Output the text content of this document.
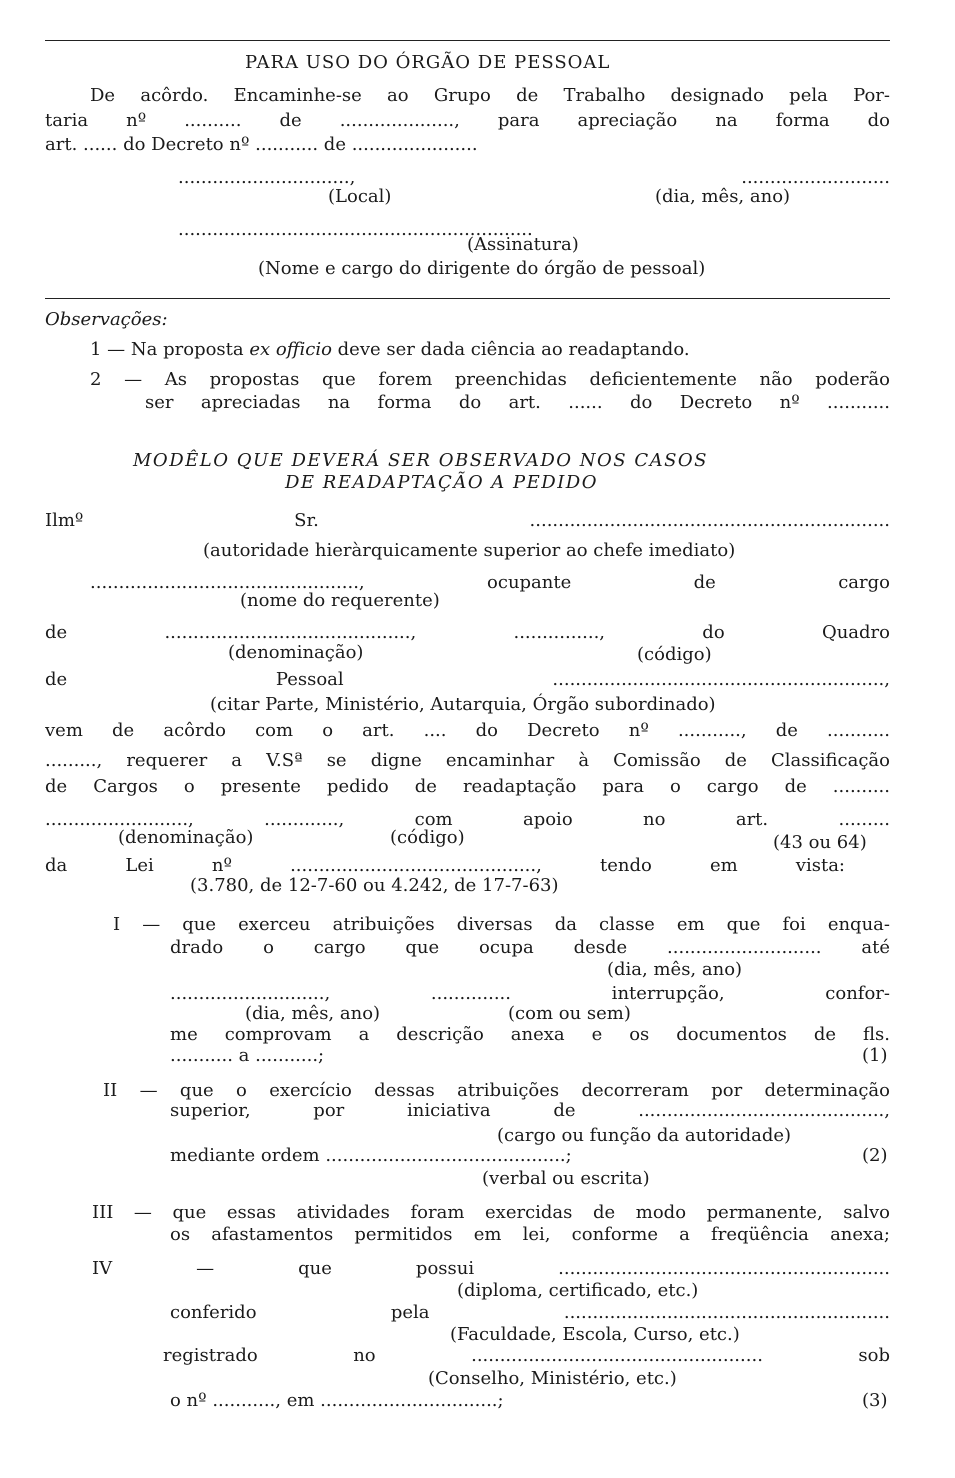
PARA USO DO ÓRGÃO DE PESSOAL
De acôrdo. Encaminhe-se ao Grupo de Trabalho designado pela Por-
taria nº .......... de ...................., para apreciação na forma do
art. ...... do Decreto nº ........... de ......................
.............................., ..........................
(Local)	(dia, mês, ano)
..............................................................
(Assinatura)
(Nome e cargo do dirigente do órgão de pessoal)
Observações:
1 — Na proposta ex officio deve ser dada ciência ao readaptando.
2 — As propostas que forem preenchidas deficientemente não poderão
ser apreciadas na forma do art. ...... do Decreto nº ...........
MODÊLO QUE DEVERÁ SER OBSERVADO NOS CASOS
DE READAPTAÇÃO A PEDIDO
Ilmº Sr. ...............................................................
(autoridade hieràrquicamente superior ao chefe imediato)
..............................................., ocupante de cargo
(nome do requerente)
de ..........................................., ..............., do Quadro
(denominação)	(código)
de Pessoal ..........................................................,
(citar Parte, Ministério, Autarquia, Órgão subordinado)
vem de acôrdo com o art. .... do Decreto nº ..........., de ...........
........., requerer a V.Sª se digne encaminhar à Comissão de Classificação
de Cargos o presente pedido de readaptação para o cargo de ..........
........................., ............., com apoio no art. .........
(denominação)	(código)	(43 ou 64)
da Lei nº ..........................................., tendo em vista:
(3.780, de 12-7-60 ou 4.242, de 17-7-63)
I — que exerceu atribuições diversas da classe em que foi enqua-
drado o cargo que ocupa desde ........................... até
(dia, mês, ano)
..........................., .............. interrupção, confor-
(dia, mês, ano)	(com ou sem)
me comprovam a descrição anexa e os documentos de fls.
........... a ...........;	(1)
II — que o exercício dessas atribuições decorreram por determinação
superior, por iniciativa de ...........................................,
(cargo ou função da autoridade)
mediante ordem ..........................................;	(2)
(verbal ou escrita)
III — que essas atividades foram exercidas de modo permanente, salvo
os afastamentos permitidos em lei, conforme a freqüência anexa;
IV — que possui ..........................................................
(diploma, certificado, etc.)
conferido pela .........................................................
(Faculdade, Escola, Curso, etc.)
registrado no ................................................... sob
(Conselho, Ministério, etc.)
o nº ..........., em ...............................;	(3)
